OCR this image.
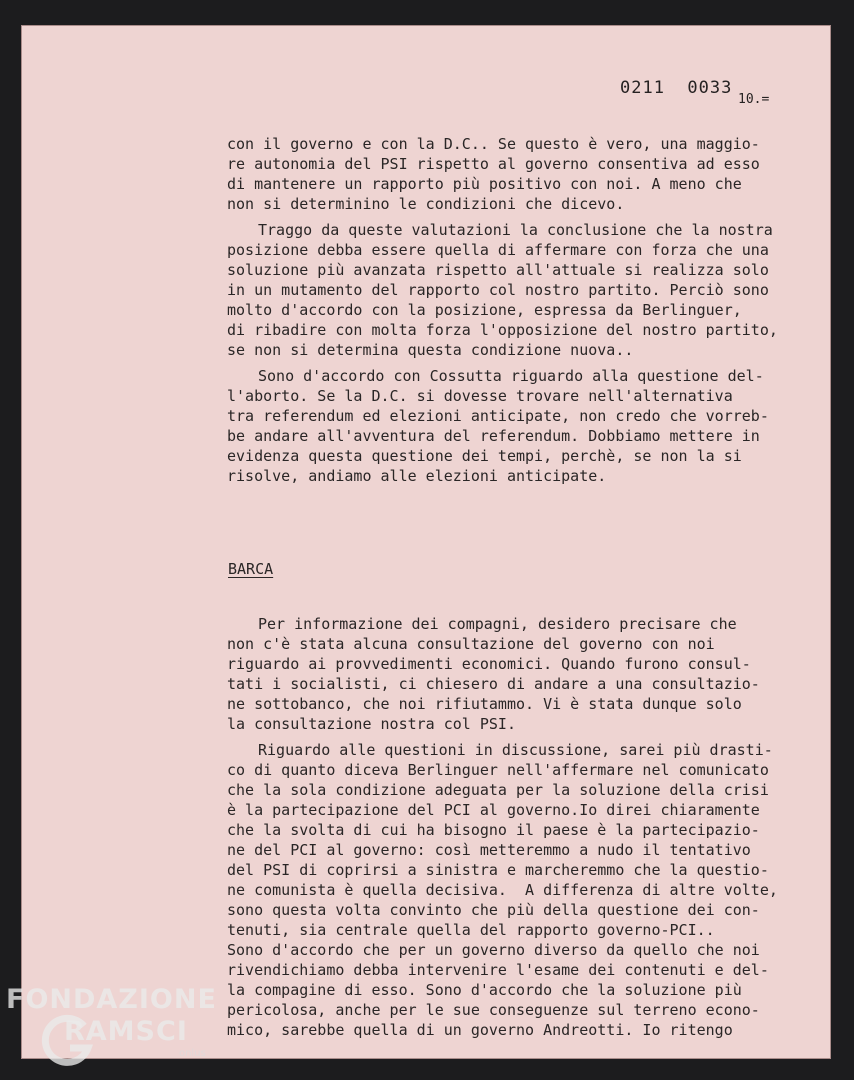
0211  0033
10.=
con il governo e con la D.C.. Se questo è vero, una maggio-
re autonomia del PSI rispetto al governo consentiva ad esso
di mantenere un rapporto più positivo con noi. A meno che
non si determinino le condizioni che dicevo.
Traggo da queste valutazioni la conclusione che la nostra
posizione debba essere quella di affermare con forza che una
soluzione più avanzata rispetto all'attuale si realizza solo
in un mutamento del rapporto col nostro partito. Perciò sono
molto d'accordo con la posizione, espressa da Berlinguer,
di ribadire con molta forza l'opposizione del nostro partito,
se non si determina questa condizione nuova..
Sono d'accordo con Cossutta riguardo alla questione del-
l'aborto. Se la D.C. si dovesse trovare nell'alternativa
tra referendum ed elezioni anticipate, non credo che vorreb-
be andare all'avventura del referendum. Dobbiamo mettere in
evidenza questa questione dei tempi, perchè, se non la si
risolve, andiamo alle elezioni anticipate.
BARCA
Per informazione dei compagni, desidero precisare che
non c'è stata alcuna consultazione del governo con noi
riguardo ai provvedimenti economici. Quando furono consul-
tati i socialisti, ci chiesero di andare a una consultazio-
ne sottobanco, che noi rifiutammo. Vi è stata dunque solo
la consultazione nostra col PSI.
Riguardo alle questioni in discussione, sarei più drasti-
co di quanto diceva Berlinguer nell'affermare nel comunicato
che la sola condizione adeguata per la soluzione della crisi
è la partecipazione del PCI al governo.Io direi chiaramente
che la svolta di cui ha bisogno il paese è la partecipazio-
ne del PCI al governo: così metteremmo a nudo il tentativo
del PSI di coprirsi a sinistra e marcheremmo che la questio-
ne comunista è quella decisiva.  A differenza di altre volte,
sono questa volta convinto che più della questione dei con-
tenuti, sia centrale quella del rapporto governo-PCI..
Sono d'accordo che per un governo diverso da quello che noi
rivendichiamo debba intervenire l'esame dei contenuti e del-
la compagine di esso. Sono d'accordo che la soluzione più
pericolosa, anche per le sue conseguenze sul terreno econo-
mico, sarebbe quella di un governo Andreotti. Io ritengo
FONDAZIONE
RAMSCI
onlus
